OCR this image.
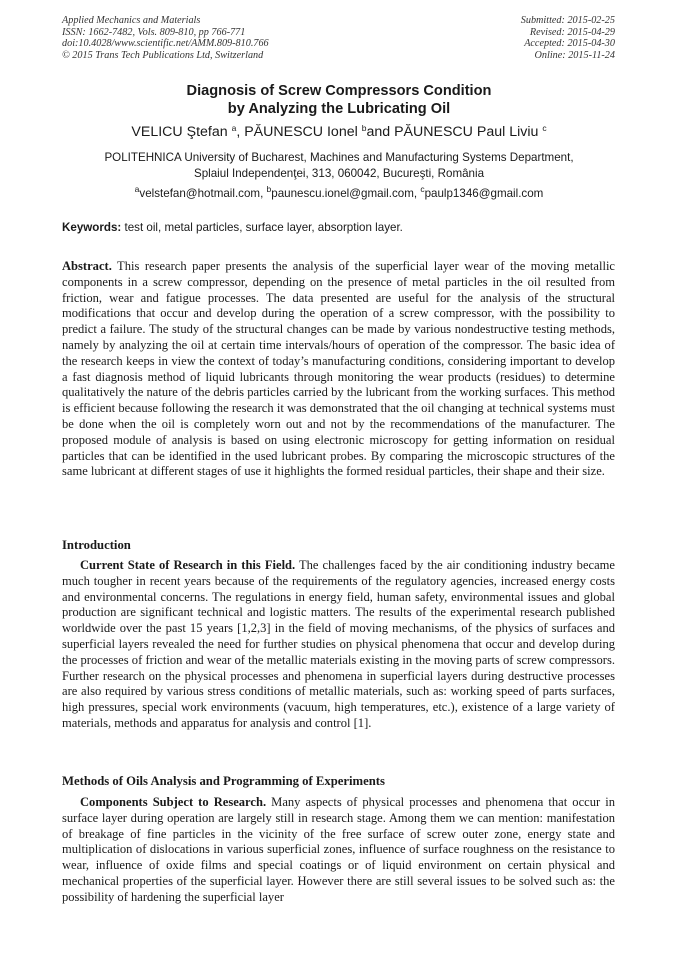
Applied Mechanics and Materials
ISSN: 1662-7482, Vols. 809-810, pp 766-771
doi:10.4028/www.scientific.net/AMM.809-810.766
© 2015 Trans Tech Publications Ltd, Switzerland
Submitted: 2015-02-25
Revised: 2015-04-29
Accepted: 2015-04-30
Online: 2015-11-24
Diagnosis of Screw Compressors Condition
by Analyzing the Lubricating Oil
VELICU Ştefan $^a$, PĂUNESCU Ionel $^b$and PĂUNESCU Paul Liviu $^c$
POLITEHNICA University of Bucharest, Machines and Manufacturing Systems Department,
Splaiul Independenţei, 313, 060042, Bucureşti, România
$^a$velstefan@hotmail.com, $^b$paunescu.ionel@gmail.com, $^c$paulp1346@gmail.com
Keywords: test oil, metal particles, surface layer, absorption layer.
Abstract. This research paper presents the analysis of the superficial layer wear of the moving metallic components in a screw compressor, depending on the presence of metal particles in the oil resulted from friction, wear and fatigue processes. The data presented are useful for the analysis of the structural modifications that occur and develop during the operation of a screw compressor, with the possibility to predict a failure. The study of the structural changes can be made by various nondestructive testing methods, namely by analyzing the oil at certain time intervals/hours of operation of the compressor. The basic idea of the research keeps in view the context of today’s manufacturing conditions, considering important to develop a fast diagnosis method of liquid lubricants through monitoring the wear products (residues) to determine qualitatively the nature of the debris particles carried by the lubricant from the working surfaces. This method is efficient because following the research it was demonstrated that the oil changing at technical systems must be done when the oil is completely worn out and not by the recommendations of the manufacturer. The proposed module of analysis is based on using electronic microscopy for getting information on residual particles that can be identified in the used lubricant probes. By comparing the microscopic structures of the same lubricant at different stages of use it highlights the formed residual particles, their shape and their size.
Introduction
Current State of Research in this Field. The challenges faced by the air conditioning industry became much tougher in recent years because of the requirements of the regulatory agencies, increased energy costs and environmental concerns. The regulations in energy field, human safety, environmental issues and global production are significant technical and logistic matters. The results of the experimental research published worldwide over the past 15 years [1,2,3] in the field of moving mechanisms, of the physics of surfaces and superficial layers revealed the need for further studies on physical phenomena that occur and develop during the processes of friction and wear of the metallic materials existing in the moving parts of screw compressors. Further research on the physical processes and phenomena in superficial layers during destructive processes are also required by various stress conditions of metallic materials, such as: working speed of parts surfaces, high pressures, special work environments (vacuum, high temperatures, etc.), existence of a large variety of materials, methods and apparatus for analysis and control [1].
Methods of Oils Analysis and Programming of Experiments
Components Subject to Research. Many aspects of physical processes and phenomena that occur in surface layer during operation are largely still in research stage. Among them we can mention: manifestation of breakage of fine particles in the vicinity of the free surface of screw outer zone, energy state and multiplication of dislocations in various superficial zones, influence of surface roughness on the resistance to wear, influence of oxide films and special coatings or of liquid environment on certain physical and mechanical properties of the superficial layer. However there are still several issues to be solved such as: the possibility of hardening the superficial layer
